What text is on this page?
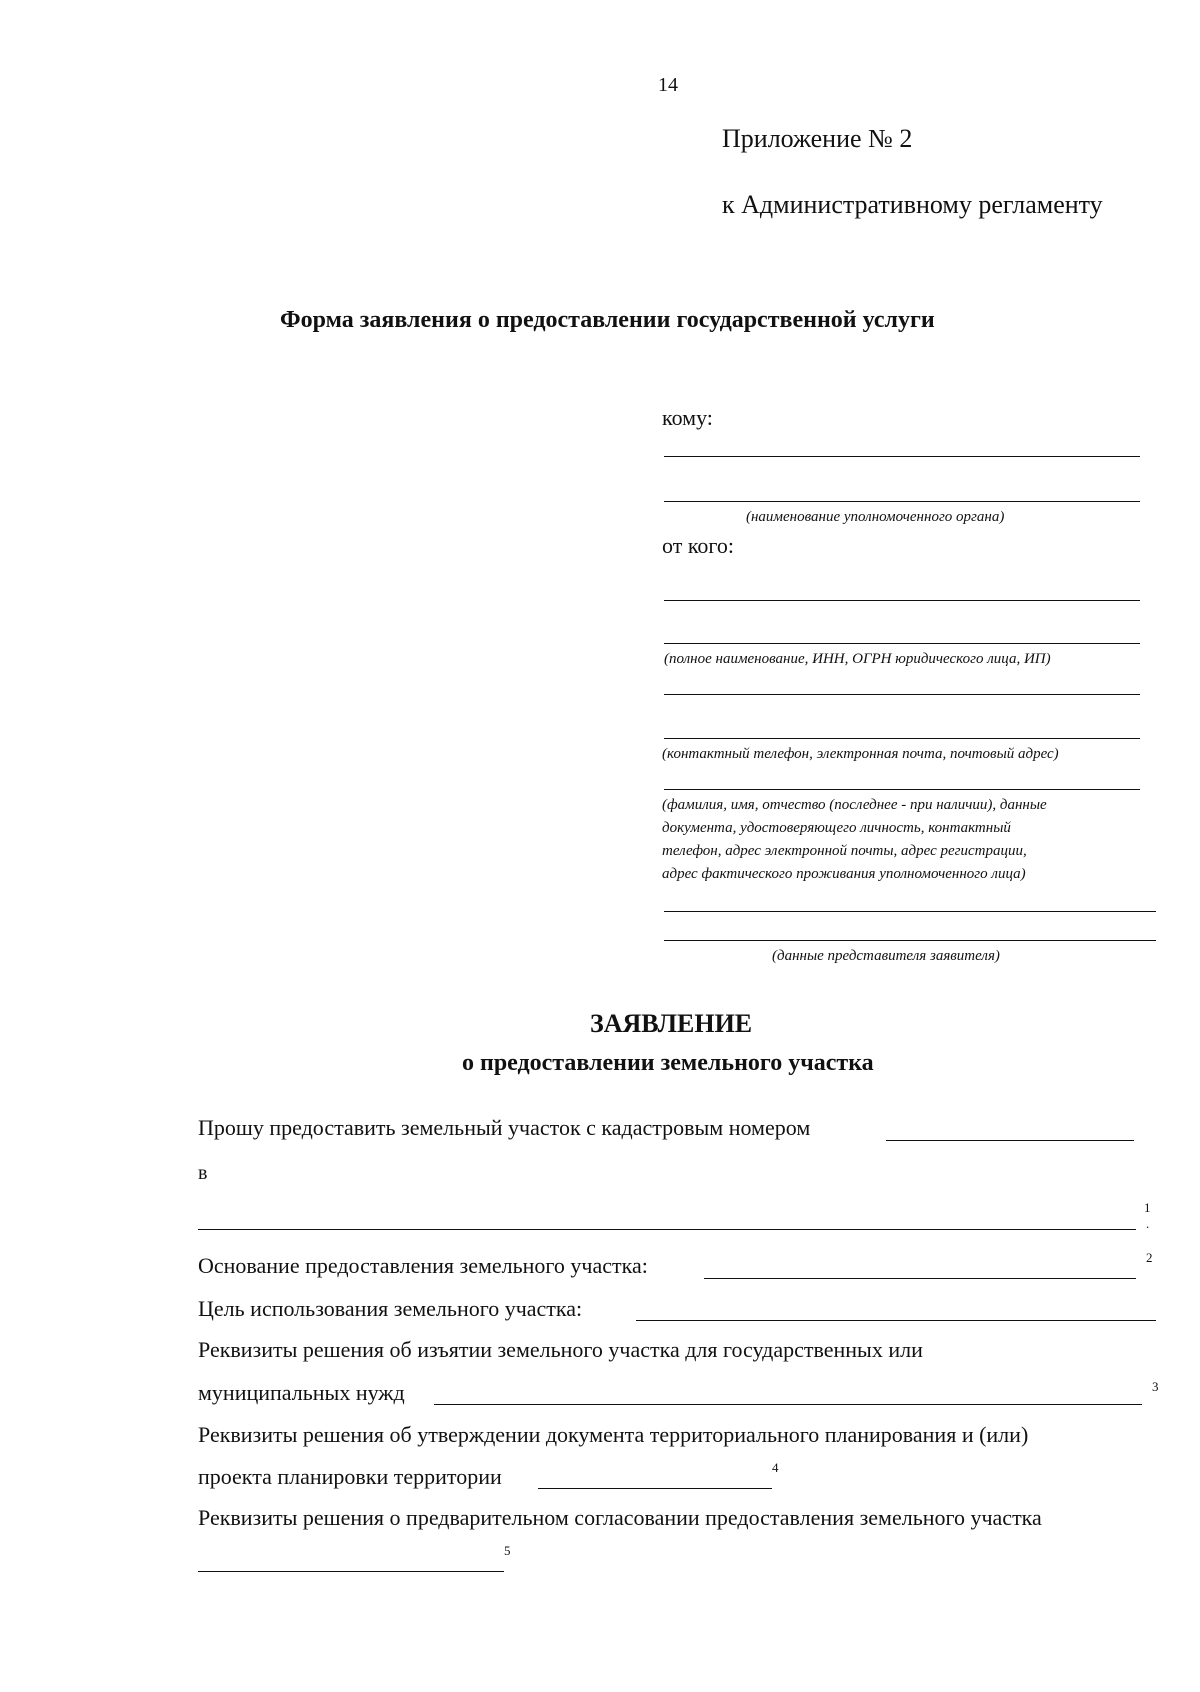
14
Приложение № 2
к Административному регламенту
Форма заявления о предоставлении государственной услуги
кому:
(наименование уполномоченного органа)
от кого:
(полное наименование, ИНН, ОГРН юридического лица, ИП)
(контактный телефон, электронная почта, почтовый адрес)
(фамилия, имя, отчество (последнее - при наличии), данные
документа, удостоверяющего личность, контактный
телефон, адрес электронной почты, адрес регистрации,
адрес фактического проживания уполномоченного лица)
(данные представителя заявителя)
ЗАЯВЛЕНИЕ
о предоставлении земельного участка
Прошу предоставить земельный участок с кадастровым номером
в
1
.
Основание предоставления земельного участка:	2
Цель использования земельного участка:
Реквизиты решения об изъятии земельного участка для государственных или
муниципальных нужд	3
Реквизиты решения об утверждении документа территориального планирования и (или)
проекта планировки территории	4
Реквизиты решения о предварительном согласовании предоставления земельного участка
5
